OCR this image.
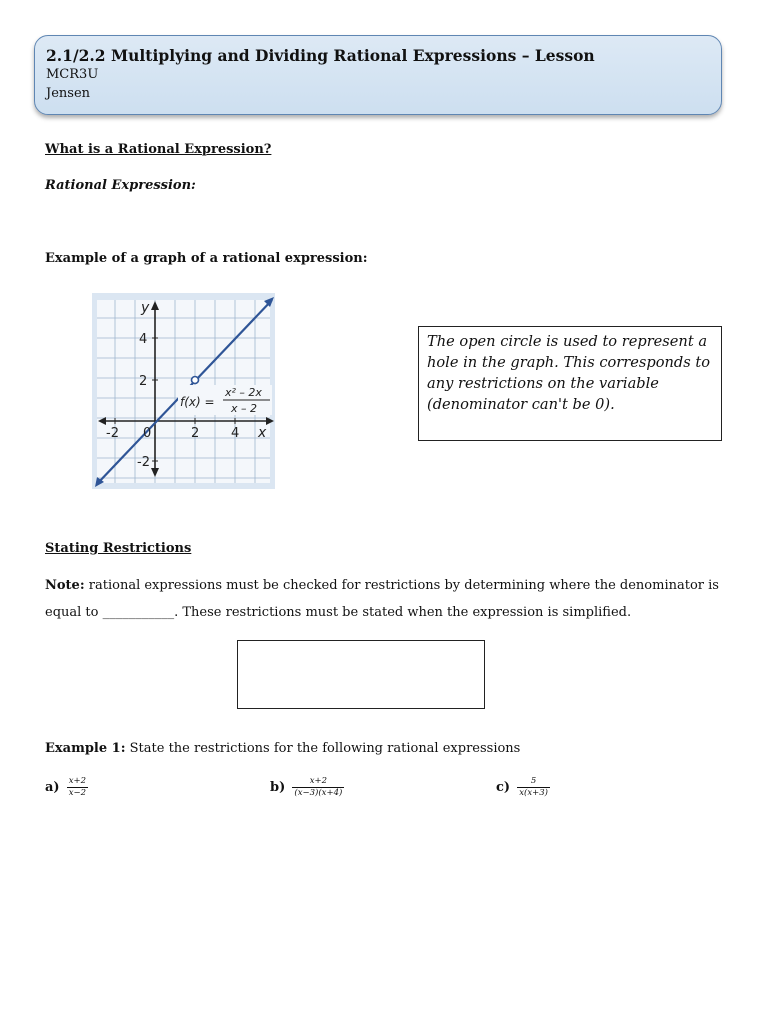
2.1/2.2 Multiplying and Dividing Rational Expressions – Lesson
MCR3U
Jensen
What is a Rational Expression?
Rational Expression:
Example of a graph of a rational expression:
y
x
4
2
-2
-2 0	2 4
f(x) =
x² – 2x
x – 2
The open circle is used to represent a hole in the graph. This corresponds to any restrictions on the variable (denominator can't be 0).
Stating Restrictions
Note: rational expressions must be checked for restrictions by determining where the denominator is
equal to ___________. These restrictions must be stated when the expression is simplified.
Example 1: State the restrictions for the following rational expressions
$a) \frac{x+2}{x-2}$	$b) \frac{x+2}{(x-3)(x+4)}$	$c) \frac{5}{x(x+3)}$
